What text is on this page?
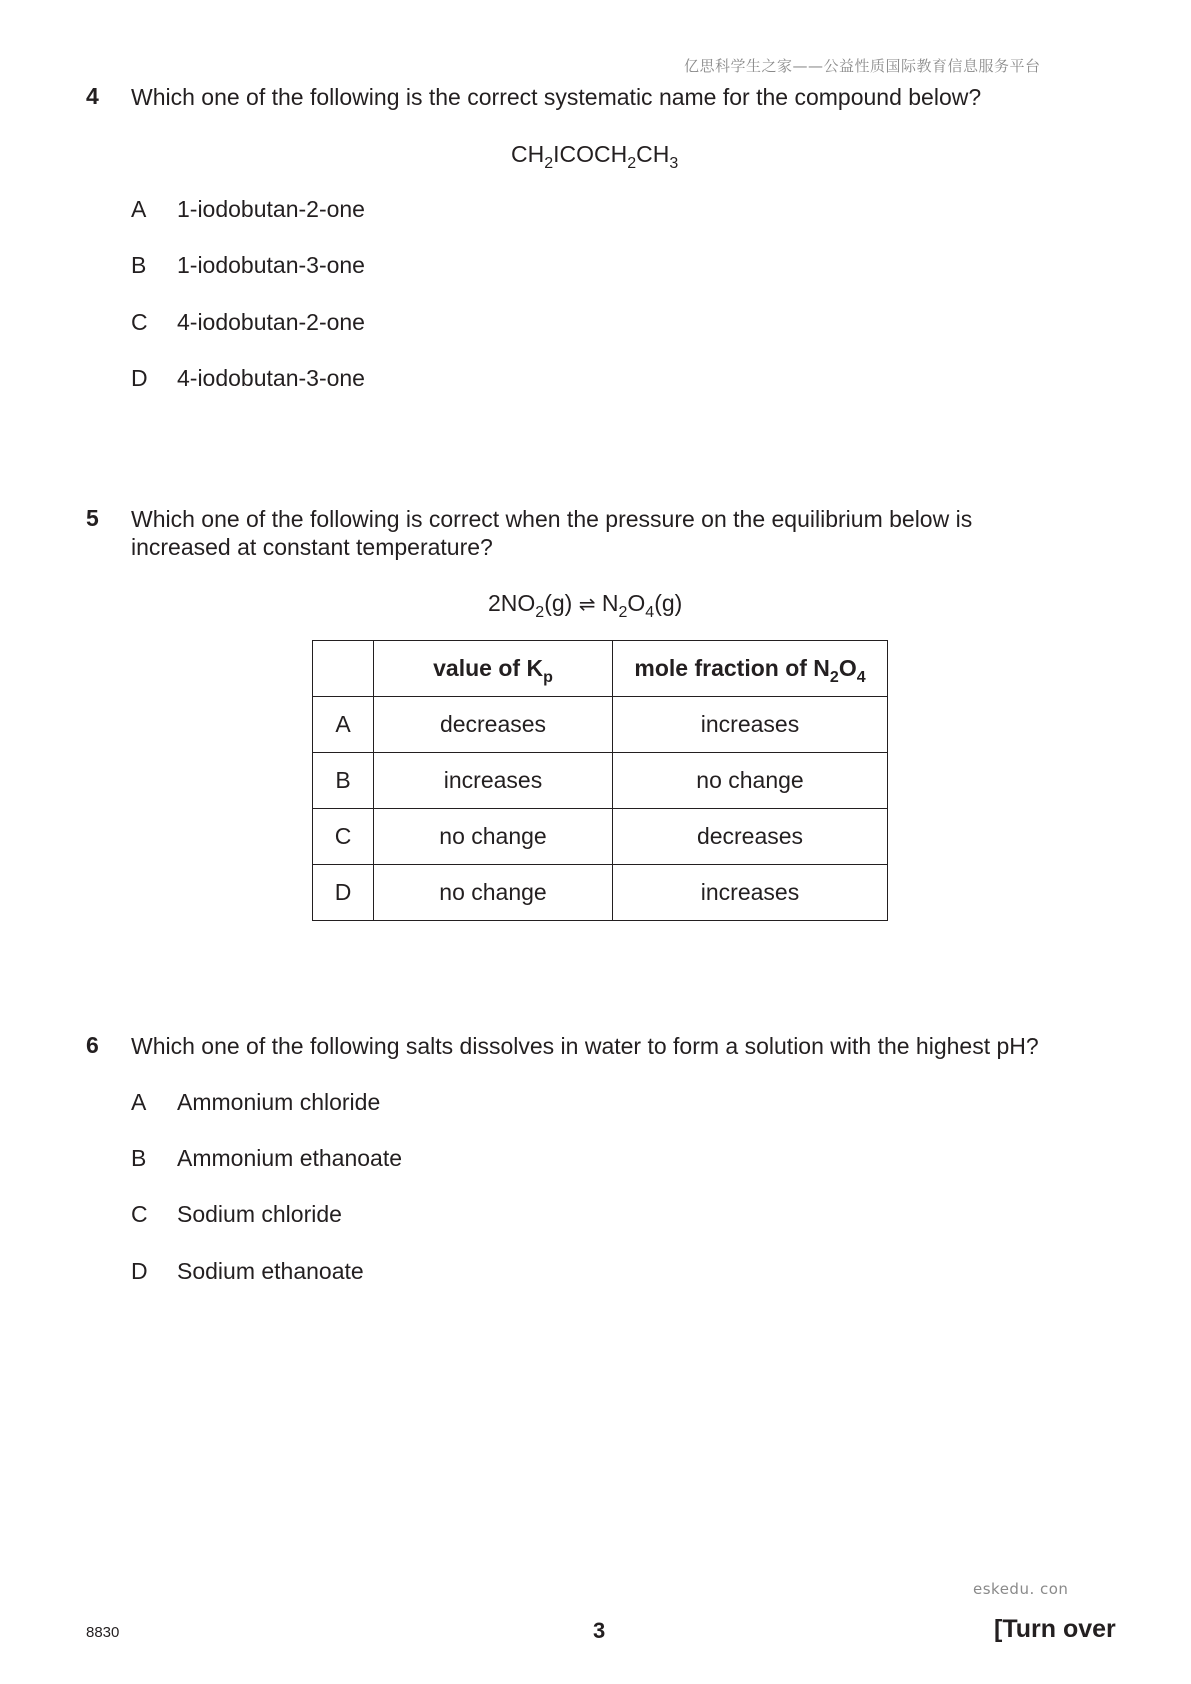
亿思科学生之家——公益性质国际教育信息服务平台
4 Which one of the following is the correct systematic name for the compound below?
$CH_2ICOCH_2CH_3$
A 1-iodobutan-2-one
B 1-iodobutan-3-one
C 4-iodobutan-2-one
D 4-iodobutan-3-one
5 Which one of the following is correct when the pressure on the equilibrium below is
increased at constant temperature?
$2NO_2(g)$ ⇌ $N_2O_4(g)$
	value of $K_p$	mole fraction of $N_2O_4$
A	decreases	increases
B	increases	no change
C	no change	decreases
D	no change	increases
6 Which one of the following salts dissolves in water to form a solution with the highest pH?
A Ammonium chloride
B Ammonium ethanoate
C Sodium chloride
D Sodium ethanoate
eskedu. con
8830	3	[Turn over
